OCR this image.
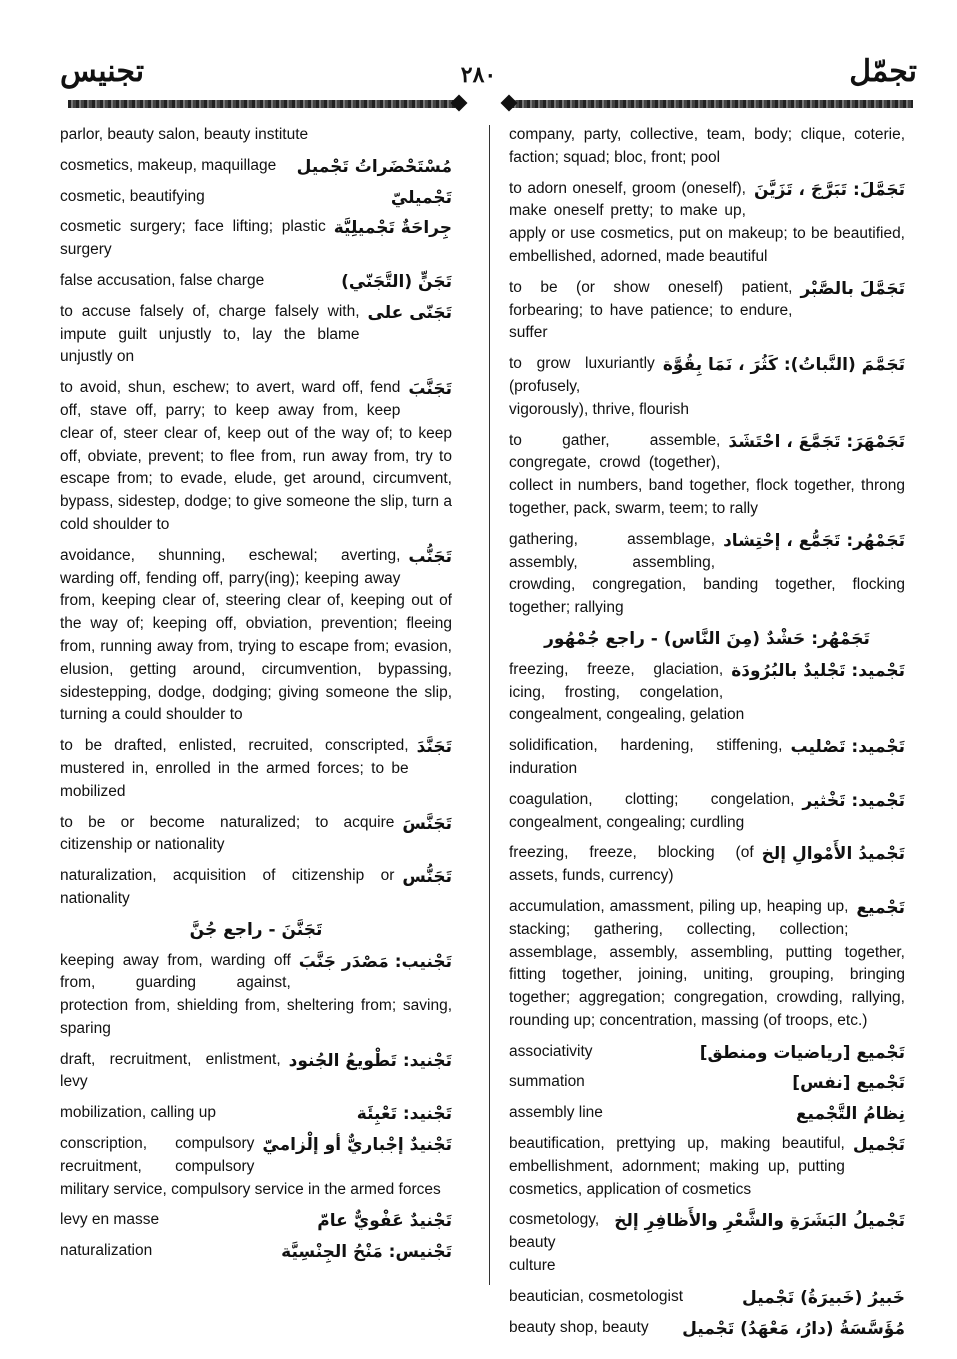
تجمّل
٢٨٠
تجنيس
parlor, beauty salon, beauty institute
مُسْتَحْضَراتُ تَجْميل
cosmetics, makeup, maquillage
تَجْميليّ
cosmetic, beautifying
جِراحَةٌ تَجْميلِيَّة
cosmetic surgery; face lifting; plastic surgery
تَجَنٍّ (التَّجَنّي)
false accusation, false charge
تَجَنّى على
to accuse falsely of, charge falsely with, impute guilt unjustly to, lay the blame unjustly on
تَجَنَّبَ
to avoid, shun, eschew; to avert, ward off, fend off, stave off, parry; to keep away from, keep clear of, steer clear of, keep out of the way of; to keep off, obviate, prevent; to flee from, run away from, try to escape from; to evade, elude, get around, circumvent, bypass, sidestep, dodge; to give someone the slip, turn a cold shoulder to
تَجَنُّب
avoidance, shunning, eschewal; averting, warding off, fending off, parry(ing); keeping away from, keeping clear of, steering clear of, keeping out of the way of; keeping off, obviation, prevention; fleeing from, running away from, trying to escape from; evasion, elusion, getting around, circumvention, bypassing, sidestepping, dodge, dodging; giving someone the slip, turning a could shoulder to
تَجَنَّدَ
to be drafted, enlisted, recruited, conscripted, mustered in, enrolled in the armed forces; to be mobilized
تَجَنَّسَ
to be or become naturalized; to acquire citizenship or nationality
تَجَنُّس
naturalization, acquisition of citizenship or nationality
تَجَنَّنَ - راجع جُنَّ
تَجْنيب: مَصْدَر جَنَّبَ
keeping away from, warding off from, guarding against, protection from, shielding from, sheltering from; saving, sparing
تَجْنيد: تَطْويعُ الجُنود
draft, recruitment, enlistment, levy
تَجْنيد: تَعْبِئَة
mobilization, calling up
تَجْنيدٌ إجْباريٌّ أو إلْزاميّ
conscription, compulsory recruitment, compulsory military service, compulsory service in the armed forces
تَجْنيدٌ عَفْويٌّ عامّ
levy en masse
تَجْنيس: مَنْحُ الجِنْسِيَّة
naturalization
company, party, collective, team, body; clique, coterie, faction; squad; bloc, front; pool
تَجَمَّلَ: تَبَرَّجَ ، تَزَيَّنَ
to adorn oneself, groom (oneself), make oneself pretty; to make up, apply or use cosmetics, put on makeup; to be beautified, embellished, adorned, made beautiful
تَجَمَّلَ بالصَّبْر
to be (or show oneself) patient, forbearing; to have patience; to endure, suffer
تَجَمَّمَ (النَّباتُ): كَثُرَ ، نَمَا بِقُوَّة
to grow luxuriantly (profusely, vigorously), thrive, flourish
تَجَمْهَرَ: تَجَمَّعَ ، احْتَشَدَ
to gather, assemble, congregate, crowd (together), collect in numbers, band together, flock together, throng together, pack, swarm, teem; to rally
تَجَمْهُر: تَجَمُّع ، إحْتِشاد
gathering, assemblage, assembly, assembling, crowding, congregation, banding together, flocking together; rallying
تَجَمْهُر: حَشْدٌ (مِنَ النَّاس) - راجع جُمْهُور
تَجْميد: تَجْليدٌ بالبُرُودَة
freezing, freeze, glaciation, icing, frosting, congelation, congealment, congealing, gelation
تَجْميد: تَصْليب
solidification, hardening, stiffening, induration
تَجْميد: تَخْثير
coagulation, clotting; congelation, congealment, congealing; curdling
تَجْميدُ الأَمْوالِ إلخ
freezing, freeze, blocking (of assets, funds, currency)
تَجْميع
accumulation, amassment, piling up, heaping up, stacking; gathering, collecting, collection; assemblage, assembly, assembling, putting together, fitting together, joining, uniting, grouping, bringing together; aggregation; congregation, crowding, rallying, rounding up; concentration, massing (of troops, etc.)
تَجْميع [رياضيات ومنطق]
associativity
تَجْميع [نفس]
summation
نِظامُ التَّجْميع
assembly line
تَجْميل
beautification, prettying up, making beautiful, embellishment, adornment; making up, putting cosmetics, application of cosmetics
تَجْميلُ البَشَرَةِ والشَّعْرِ والأَظافِرِ إلخ
cosmetology, beauty culture
خَبيرُ (خَبيرَةُ) تَجْميل
beautician, cosmetologist
مُؤَسَّسَةُ (دارُ، مَعْهَدُ) تَجْميل
beauty shop, beauty
